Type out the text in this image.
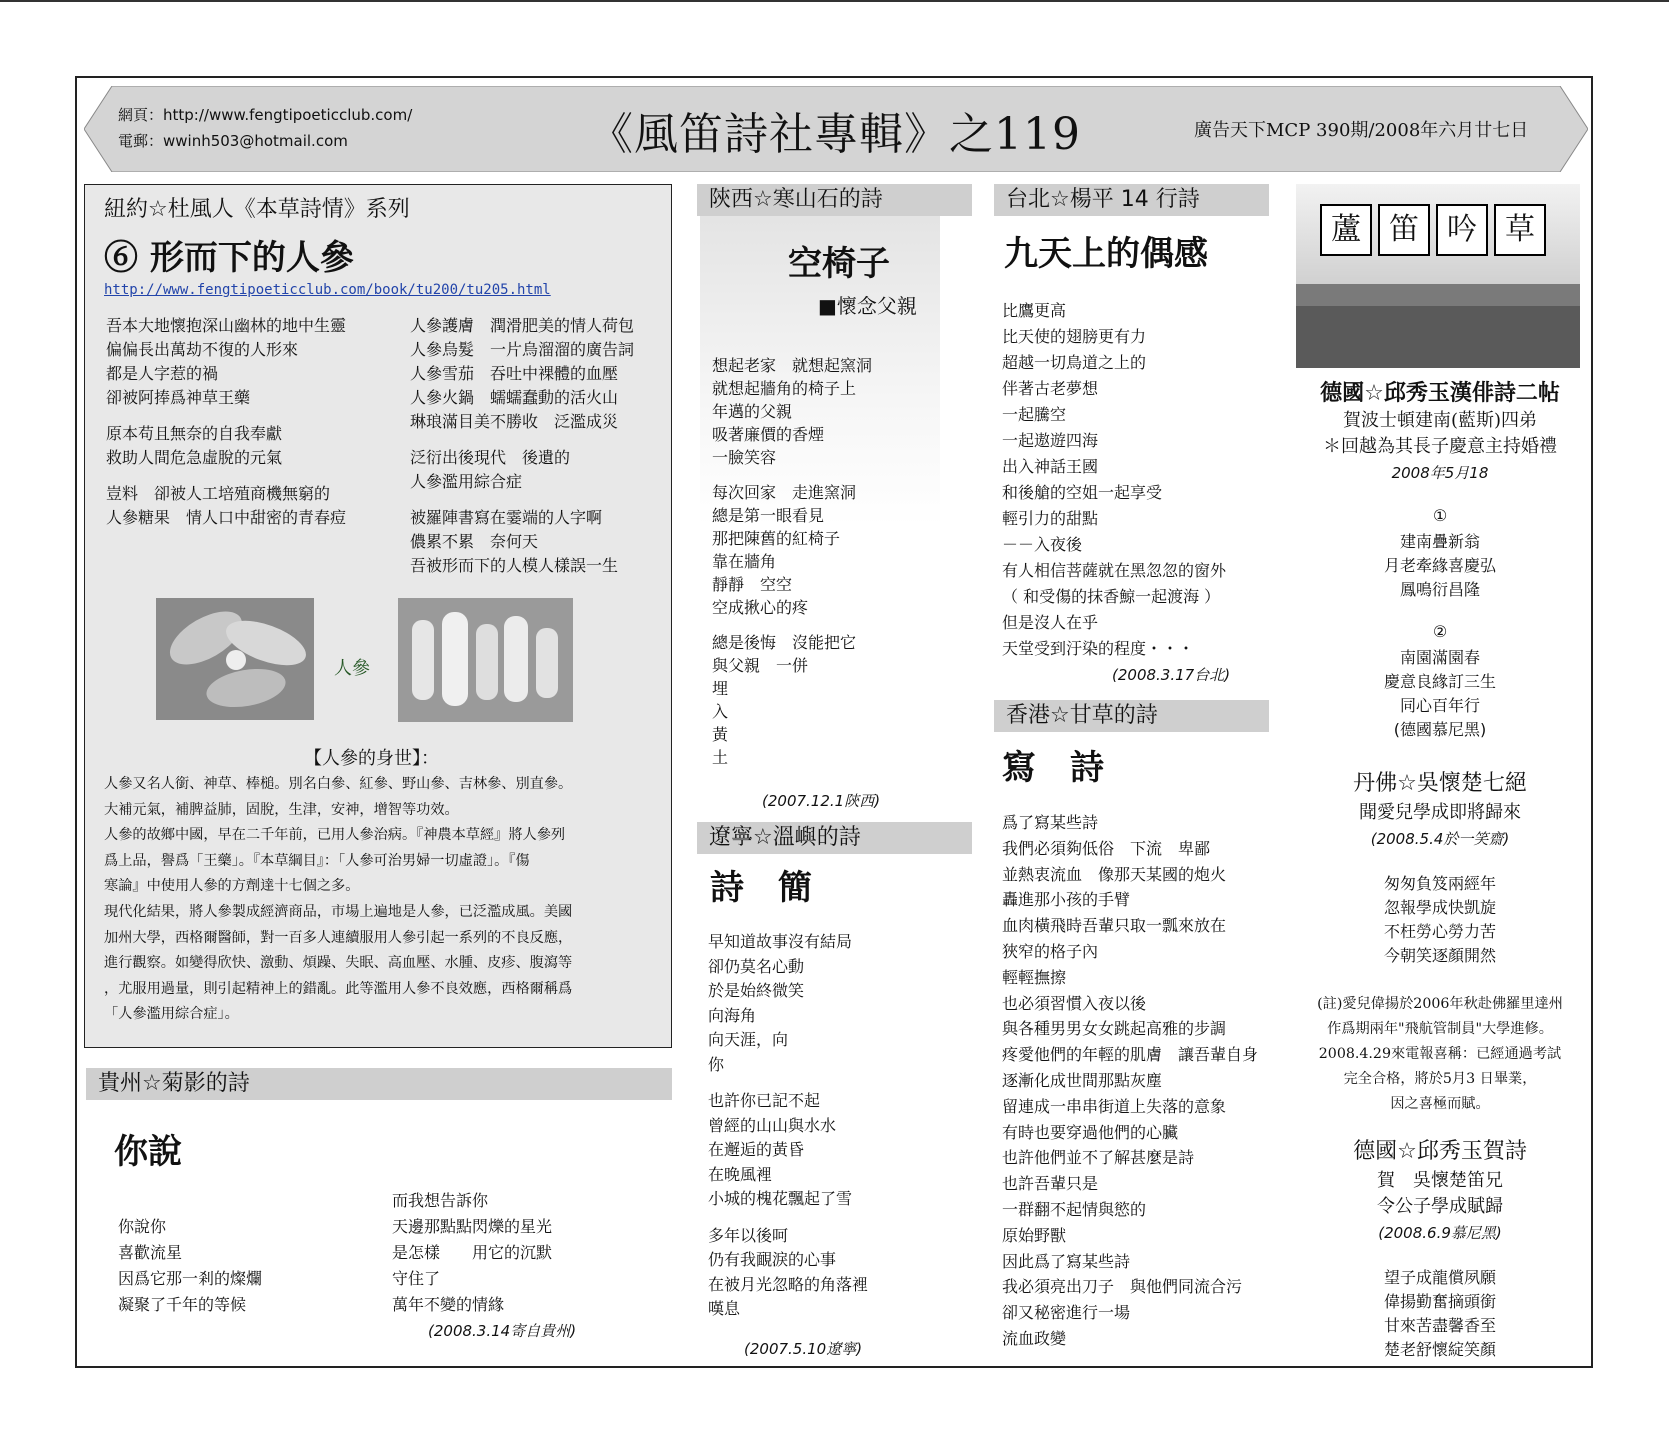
網頁：http://www.fengtipoeticclub.com/
電郵：wwinh503@hotmail.com	《風笛詩社專輯》之119	廣告天下MCP 390期/2008年六月廿七日
紐約☆杜風人《本草詩情》系列
⑥ 形而下的人參
http://www.fengtipoeticclub.com/book/tu200/tu205.html
吾本大地懷抱深山幽林的地中生靈
偏偏長出萬劫不復的人形來
都是人字惹的禍
卻被阿捧爲神草王藥

原本苟且無奈的自我奉獻
救助人間危急虛脫的元氣

豈料　卻被人工培殖商機無窮的
人參糖果　情人口中甜密的青春痘
人參護膚　潤滑肥美的情人荷包
人參烏髮　一片烏溜溜的廣告詞
人參雪茄　吞吐中裸體的血壓
人參火鍋　蠕蠕蠢動的活火山
琳琅滿目美不勝收　泛濫成災

泛衍出後現代　後遺的
人參濫用綜合症

被羅陣書寫在霎端的人字啊
儂累不累　奈何天
吾被形而下的人模人樣誤一生
人參
【人參的身世】：
人參又名人銜、神草、棒槌。別名白參、紅參、野山參、吉林參、別直參。
大補元氣，補脾益肺，固脫，生津，安神，增智等功效。
人參的故鄉中國，早在二千年前，已用人參治病。『神農本草經』將人參列
爲上品，譽爲「王藥」。『本草綱目』：「人參可治男婦一切虛證」。『傷
寒論』中使用人參的方劑達十七個之多。
現代化結果，將人參製成經濟商品，市場上遍地是人參，已泛濫成風。美國
加州大學，西格爾醫師，對一百多人連續服用人參引起一系列的不良反應，
進行觀察。如變得欣快、激動、煩躁、失眠、高血壓、水腫、皮疹、腹瀉等
，尤服用過量，則引起精神上的錯亂。此等濫用人參不良效應，西格爾稱爲
「人參濫用綜合症」。
貴州☆菊影的詩
你說
你說你
喜歡流星
因爲它那一剎的燦爛
凝聚了千年的等候
而我想告訴你
天邊那點點閃爍的星光
是怎樣　　用它的沉默
守住了
萬年不變的情緣
(2008.3.14寄自貴州)
陝西☆寒山石的詩
空椅子
■懷念父親
想起老家　就想起窯洞
就想起牆角的椅子上
年邁的父親
吸著廉價的香煙
一臉笑容

每次回家　走進窯洞
總是第一眼看見
那把陳舊的紅椅子
靠在牆角
靜靜　空空
空成揪心的疼

總是後悔　沒能把它
與父親　一併
埋
入
黃
土
(2007.12.1陝西)
遼寧☆溫嶼的詩
詩　簡
早知道故事沒有結局
卻仍莫名心動
於是始終微笑
向海角
向天涯，向
你

也許你已記不起
曾經的山山與水水
在邂逅的黃昏
在晚風裡
小城的槐花飄起了雪

多年以後呵
仍有我靦淚的心事
在被月光忽略的角落裡
嘆息
(2007.5.10遼寧)
台北☆楊平 14 行詩
九天上的偶感
比鷹更高
比天使的翅膀更有力
超越一切鳥道之上的
伴著古老夢想
一起騰空
一起遨遊四海
出入神話王國
和後艙的空姐一起享受
輕引力的甜點
－－入夜後
有人相信菩薩就在黑忽忽的窗外
（ 和受傷的抹香鯨一起渡海 ）
但是沒人在乎
天堂受到汙染的程度・・・
(2008.3.17台北)
香港☆甘草的詩
寫　詩
爲了寫某些詩
我們必須夠低俗　下流　卑鄙
並熱衷流血　像那天某國的炮火
轟進那小孩的手臂
血肉橫飛時吾輩只取一瓢來放在
狹窄的格子內
輕輕撫擦
也必須習慣入夜以後
與各種男男女女跳起高雅的步調
疼愛他們的年輕的肌膚　讓吾輩自身
逐漸化成世間那點灰塵
留連成一串串街道上失落的意象
有時也要穿過他們的心臟
也許他們並不了解甚麼是詩
也許吾輩只是
一群翻不起情與慾的
原始野獸
因此爲了寫某些詩
我必須亮出刀子　與他們同流合污
卻又秘密進行一場
流血政變
蘆 笛 吟 草
德國☆邱秀玉漢俳詩二帖
賀波士頓建南(藍斯)四弟
＊回越為其長子慶意主持婚禮
2008年5月18
①
建南疊新翁
月老牽緣喜慶弘
鳳鳴衍昌隆
②
南園滿園春
慶意良緣訂三生
同心百年行
(德國慕尼黑)
丹佛☆吳懷楚七絕
聞愛兒學成即將歸來
(2008.5.4於一笑齋)
匆匆負笈兩經年
忽報學成快凱旋
不枉勞心勞力苦
今朝笑逐顏開然
(註)愛兒偉揚於2006年秋赴佛羅里達州
作爲期兩年"飛航管制員"大學進修。
2008.4.29來電報喜稱：已經通過考試
完全合格，將於5月3 日畢業，
因之喜極而賦。
德國☆邱秀玉賀詩
賀　吳懷楚笛兄
令公子學成賦歸
(2008.6.9慕尼黑)
望子成龍償夙願
偉揚勤奮摘頭銜
甘來苦盡馨香至
楚老舒懷綻笑顏
